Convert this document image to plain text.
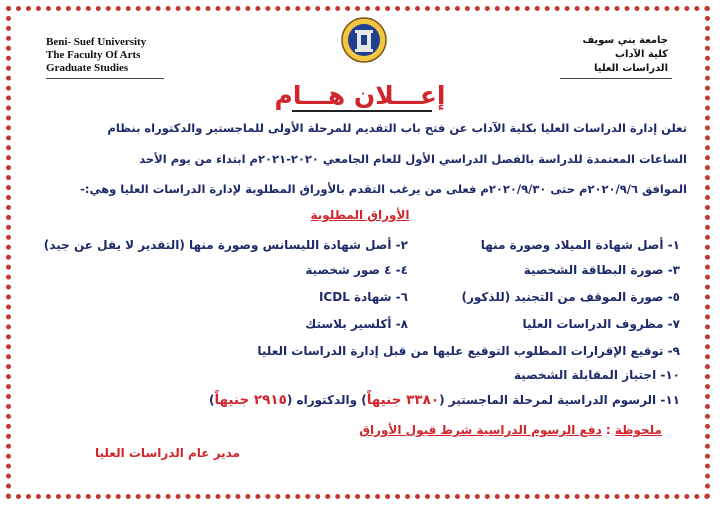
Beni- Suef University
The Faculty Of Arts
Graduate Studies
جامعة بني سويف
كلية الآداب
الدراسات العليا
إعـــلان هـــام
تعلن إدارة الدراسات العليا بكلية الآداب عن فتح باب التقديم للمرحلة الأولى للماجستير والدكتوراه بنظام
الساعات المعتمدة للدراسة بالفصل الدراسي الأول للعام الجامعي ٢٠٢٠-٢٠٢١م ابتداء من يوم الأحد
الموافق ٢٠٢٠/٩/٦م حتى ٢٠٢٠/٩/٣٠م فعلى من يرغب التقدم بالأوراق المطلوبة لإدارة الدراسات العليا وهي:-
الأوراق المطلوبة
١- أصل شهادة الميلاد وصورة منها
٢- أصل شهادة الليسانس وصورة منها (التقدير لا يقل عن جيد)
٣- صورة البطاقة الشخصية
٤- ٤ صور شخصية
٥- صورة الموقف من التجنيد (للذكور)
٦- شهادة ICDL
٧- مظروف الدراسات العليا
٨- أكلسير بلاستك
٩- توقيع الإقرارات المطلوب التوقيع عليها من قبل إدارة الدراسات العليا
١٠- اجتياز المقابلة الشخصية
١١- الرسوم الدراسية لمرحلة الماجستير (٣٣٨٠ جنيهاً) والدكتوراه (٢٩١٥ جنيهاً)
ملحوظة : دفع الرسوم الدراسية شرط قبول الأوراق
مدير عام الدراسات العليا
